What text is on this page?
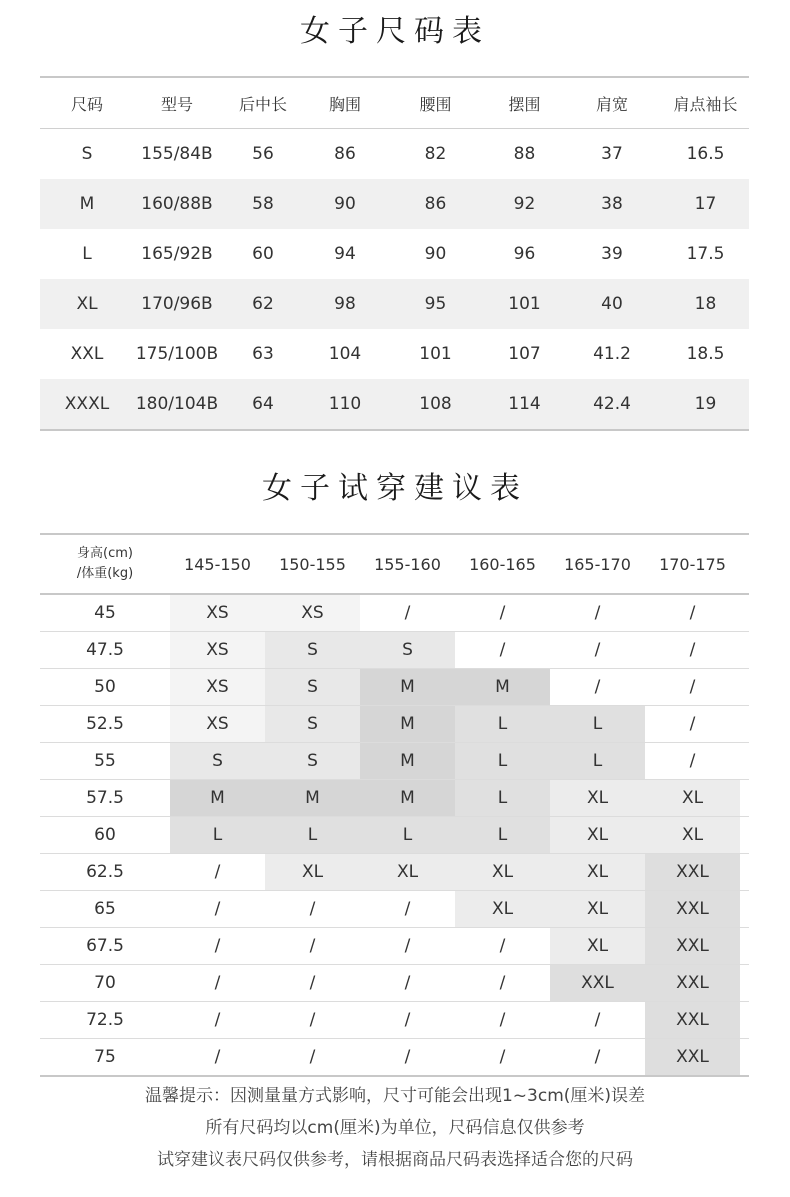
女子尺码表
尺码	型号	后中长	胸围	腰围	摆围	肩宽	肩点袖长
S	155/84B	56	86	82	88	37	16.5
M	160/88B	58	90	86	92	38	17
L	165/92B	60	94	90	96	39	17.5
XL	170/96B	62	98	95	101	40	18
XXL	175/100B	63	104	101	107	41.2	18.5
XXXL	180/104B	64	110	108	114	42.4	19
女子试穿建议表
身高(cm)
/体重(kg)	145-150	150-155	155-160	160-165	165-170	170-175
45	XS	XS	/	/	/	/
47.5	XS	S	S	/	/	/
50	XS	S	M	M	/	/
52.5	XS	S	M	L	L	/
55	S	S	M	L	L	/
57.5	M	M	M	L	XL	XL
60	L	L	L	L	XL	XL
62.5	/	XL	XL	XL	XL	XXL
65	/	/	/	XL	XL	XXL
67.5	/	/	/	/	XL	XXL
70	/	/	/	/	XXL	XXL
72.5	/	/	/	/	/	XXL
75	/	/	/	/	/	XXL
温馨提示：因测量量方式影响，尺寸可能会出现1~3cm(厘米)误差
所有尺码均以cm(厘米)为单位，尺码信息仅供参考
试穿建议表尺码仅供参考，请根据商品尺码表选择适合您的尺码
